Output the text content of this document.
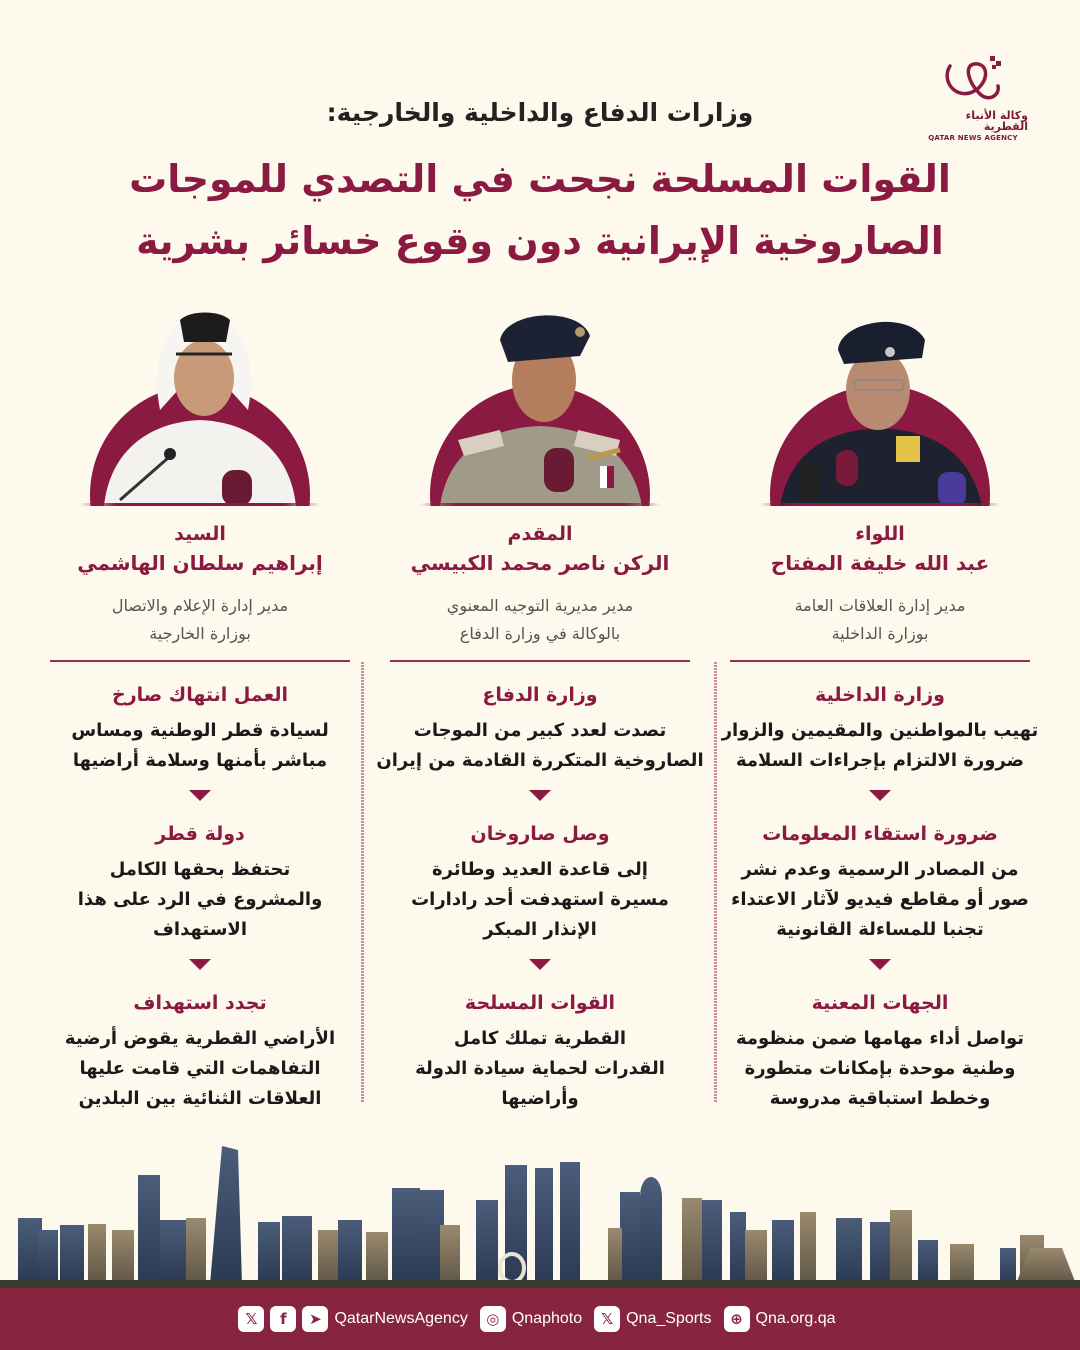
وكالة الأنباء القطرية
QATAR NEWS AGENCY
وزارات الدفاع والداخلية والخارجية:
القوات المسلحة نجحت في التصدي للموجات
الصاروخية الإيرانية دون وقوع خسائر بشرية
اللواء
عبد الله خليفة المفتاح
مدير إدارة العلاقات العامة
بوزارة الداخلية
وزارة الداخلية
تهيب بالمواطنين والمقيمين والزوار
ضرورة الالتزام بإجراءات السلامة
ضرورة استقاء المعلومات
من المصادر الرسمية وعدم نشر
صور أو مقاطع فيديو لآثار الاعتداء
تجنبا للمساءلة القانونية
الجهات المعنية
تواصل أداء مهامها ضمن منظومة
وطنية موحدة بإمكانات متطورة
وخطط استباقية مدروسة
المقدم
الركن ناصر محمد الكبيسي
مدير مديرية التوجيه المعنوي
بالوكالة في وزارة الدفاع
وزارة الدفاع
تصدت لعدد كبير من الموجات
الصاروخية المتكررة القادمة من إيران
وصل صاروخان
إلى قاعدة العديد وطائرة
مسيرة استهدفت أحد رادارات
الإنذار المبكر
القوات المسلحة
القطرية تملك كامل
القدرات لحماية سيادة الدولة
وأراضيها
السيد
إبراهيم سلطان الهاشمي
مدير إدارة الإعلام والاتصال
بوزارة الخارجية
العمل انتهاك صارخ
لسيادة قطر الوطنية ومساس
مباشر بأمنها وسلامة أراضيها
دولة قطر
تحتفظ بحقها الكامل
والمشروع في الرد على هذا
الاستهداف
تجدد استهداف
الأراضي القطرية يقوض أرضية
التفاهمات التي قامت عليها
العلاقات الثنائية بين البلدين
𝕏	f	➤ QatarNewsAgency	◎ Qnaphoto	𝕏 Qna_Sports	⊕ Qna.org.qa
